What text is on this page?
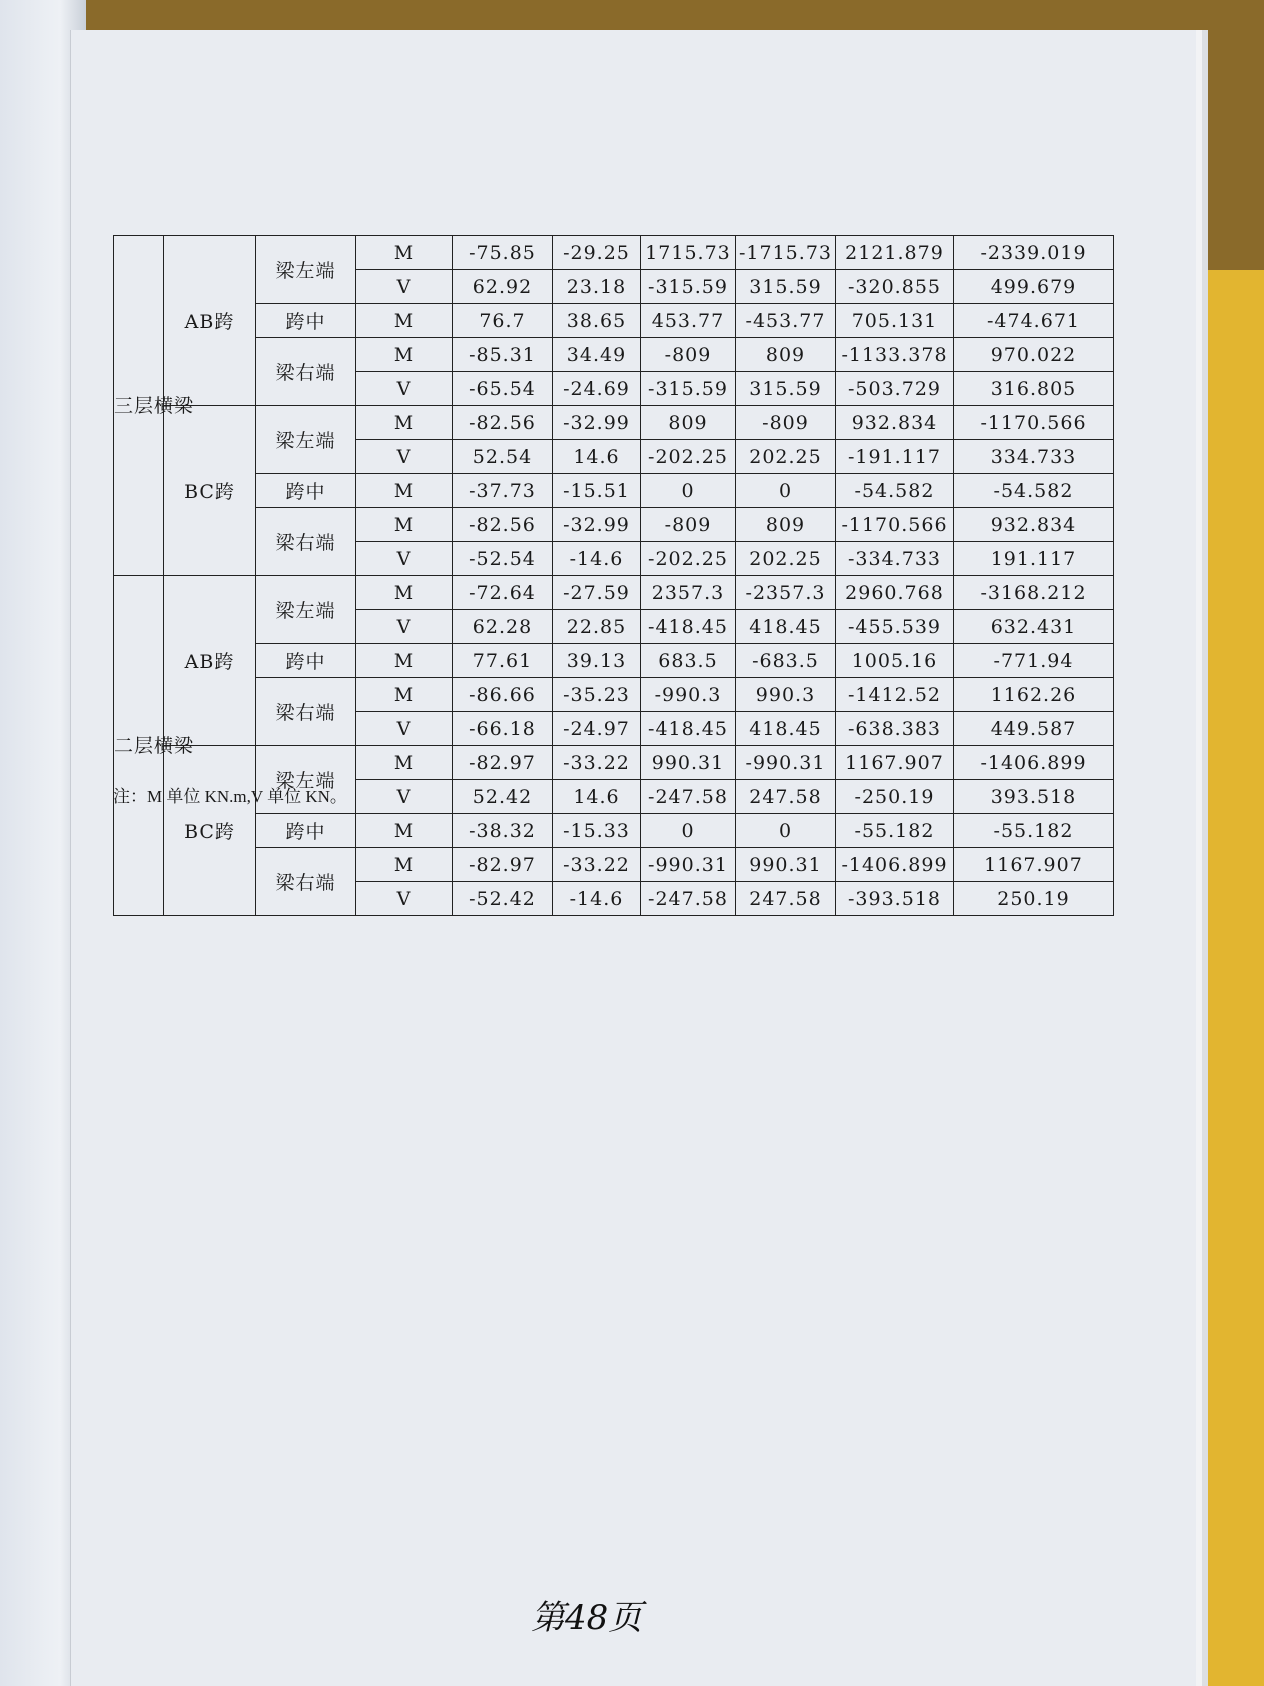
三层横梁	AB跨	梁左端	M	-75.85	-29.25	1715.73	-1715.73	2121.879	-2339.019
			V	62.92	23.18	-315.59	315.59	-320.855	499.679
		跨中	M	76.7	38.65	453.77	-453.77	705.131	-474.671
		梁右端	M	-85.31	34.49	-809	809	-1133.378	970.022
			V	-65.54	-24.69	-315.59	315.59	-503.729	316.805
	BC跨	梁左端	M	-82.56	-32.99	809	-809	932.834	-1170.566
			V	52.54	14.6	-202.25	202.25	-191.117	334.733
		跨中	M	-37.73	-15.51	0	0	-54.582	-54.582
		梁右端	M	-82.56	-32.99	-809	809	-1170.566	932.834
			V	-52.54	-14.6	-202.25	202.25	-334.733	191.117
二层横梁	AB跨	梁左端	M	-72.64	-27.59	2357.3	-2357.3	2960.768	-3168.212
			V	62.28	22.85	-418.45	418.45	-455.539	632.431
		跨中	M	77.61	39.13	683.5	-683.5	1005.16	-771.94
		梁右端	M	-86.66	-35.23	-990.3	990.3	-1412.52	1162.26
			V	-66.18	-24.97	-418.45	418.45	-638.383	449.587
	BC跨	梁左端	M	-82.97	-33.22	990.31	-990.31	1167.907	-1406.899
			V	52.42	14.6	-247.58	247.58	-250.19	393.518
		跨中	M	-38.32	-15.33	0	0	-55.182	-55.182
		梁右端	M	-82.97	-33.22	-990.31	990.31	-1406.899	1167.907
			V	-52.42	-14.6	-247.58	247.58	-393.518	250.19
注：M 单位 KN.m,V 单位 KN。
第48页
